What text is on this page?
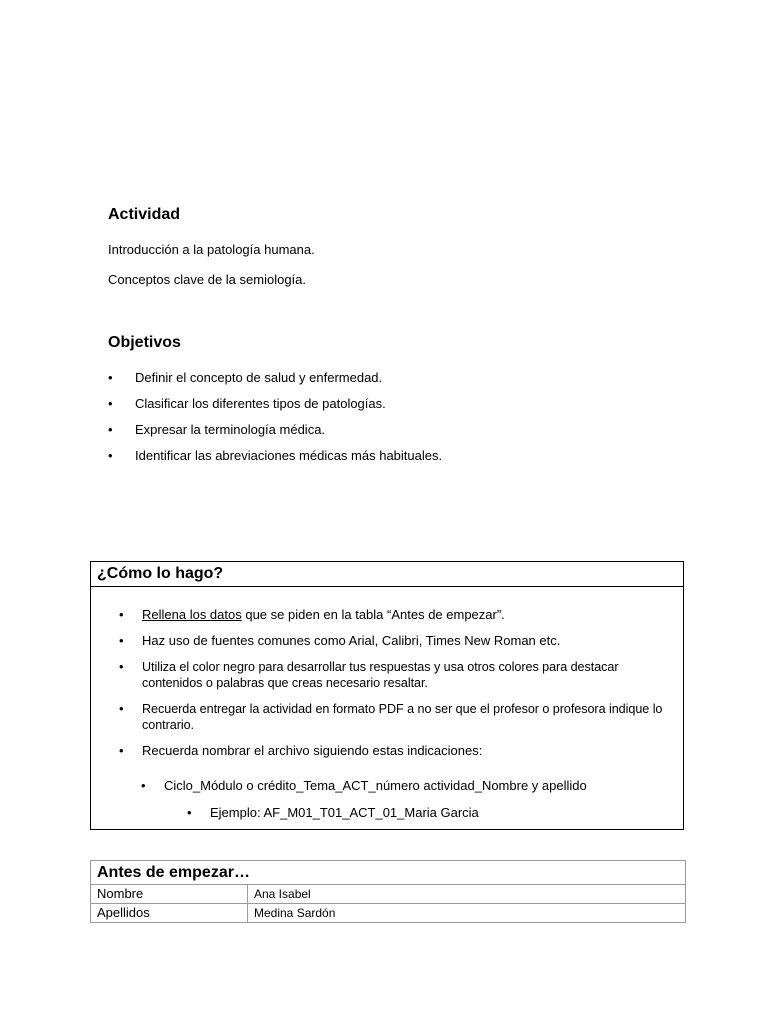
Actividad

Introducción a la patología humana.

Conceptos clave de la semiología.

Objetivos
•	Definir el concepto de salud y enfermedad.
•	Clasificar los diferentes tipos de patologías.
•	Expresar la terminología médica.
•	Identificar las abreviaciones médicas más habituales.
¿Cómo lo hago?
•	Rellena los datos que se piden en la tabla “Antes de empezar”.
•	Haz uso de fuentes comunes como Arial, Calibri, Times New Roman etc.
•	Utiliza el color negro para desarrollar tus respuestas y usa otros colores para destacar contenidos o palabras que creas necesario resaltar.
•	Recuerda entregar la actividad en formato PDF a no ser que el profesor o profesora indique lo contrario.
•	Recuerda nombrar el archivo siguiendo estas indicaciones:
•	Ciclo_Módulo o crédito_Tema_ACT_número actividad_Nombre y apellido
•	Ejemplo: AF_M01_T01_ACT_01_Maria Garcia
Antes de empezar…	
Nombre	Ana Isabel
Apellidos	Medina Sardón
